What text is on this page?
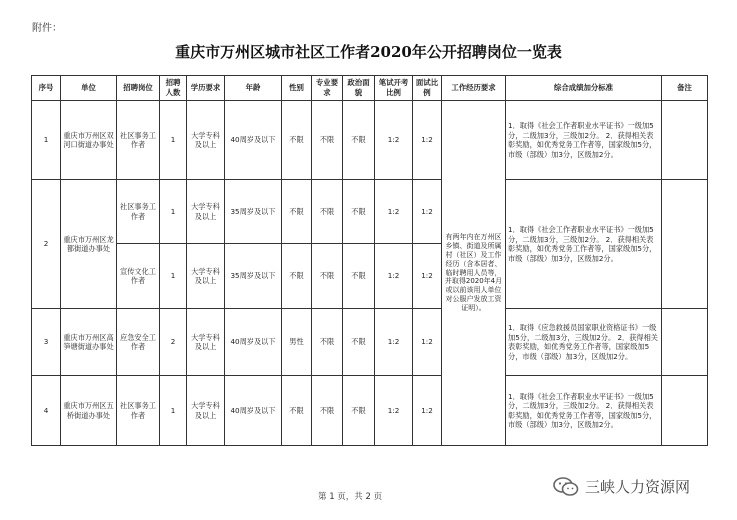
附件：
重庆市万州区城市社区工作者2020年公开招聘岗位一览表
序号	单位	招聘岗位	招聘人数	学历要求	年龄	性别	专业要求	政治面貌	笔试开考比例	面试比例	工作经历要求	综合成绩加分标准	备注
1	重庆市万州区双河口街道办事处	社区事务工作者	1	大学专科及以上	40周岁及以下	不限	不限	不限	1:2	1:2	有两年内在万州区乡镇、街道及所属村（社区）及工作经历（含本居者、临时聘用人员等，并取得2020年4月或以前该用人单位对公服户发放工资证明）。	1．取得《社会工作者职业水平证书》一级加5分，二级加3分，三级加2分。 2．获得相关表彰奖励，如优秀党务工作者等，国家级加5分，市级（部级）加3分，区级加2分。	
2	重庆市万州区龙都街道办事处	社区事务工作者	1	大学专科及以上	35周岁及以下	不限	不限	不限	1:2	1:2		1．取得《社会工作者职业水平证书》一级加5分，二级加3分，三级加2分。 2．获得相关表彰奖励，如优秀党务工作者等，国家级加5分，市级（部级）加3分，区级加2分。	
		宣传文化工作者	1	大学专科及以上	35周岁及以下	不限	不限	不限	1:2	1:2			
3	重庆市万州区高笋塘街道办事处	应急安全工作者	2	大学专科及以上	40周岁及以下	男性	不限	不限	1:2	1:2		1．取得《应急救援员国家职业资格证书》一级加5分，二级加3分，三级加2分。 2．获得相关表彰奖励，如优秀党务工作者等，国家级加5分，市级（部级）加3分，区级加2分。	
4	重庆市万州区五桥街道办事处	社区事务工作者	1	大学专科及以上	40周岁及以下	不限	不限	不限	1:2	1:2		1．取得《社会工作者职业水平证书》一级加5分，二级加3分，三级加2分。 2．获得相关表彰奖励，如优秀党务工作者等，国家级加5分，市级（部级）加3分，区级加2分。	
第 1 页，共 2 页
三峡人力资源网
